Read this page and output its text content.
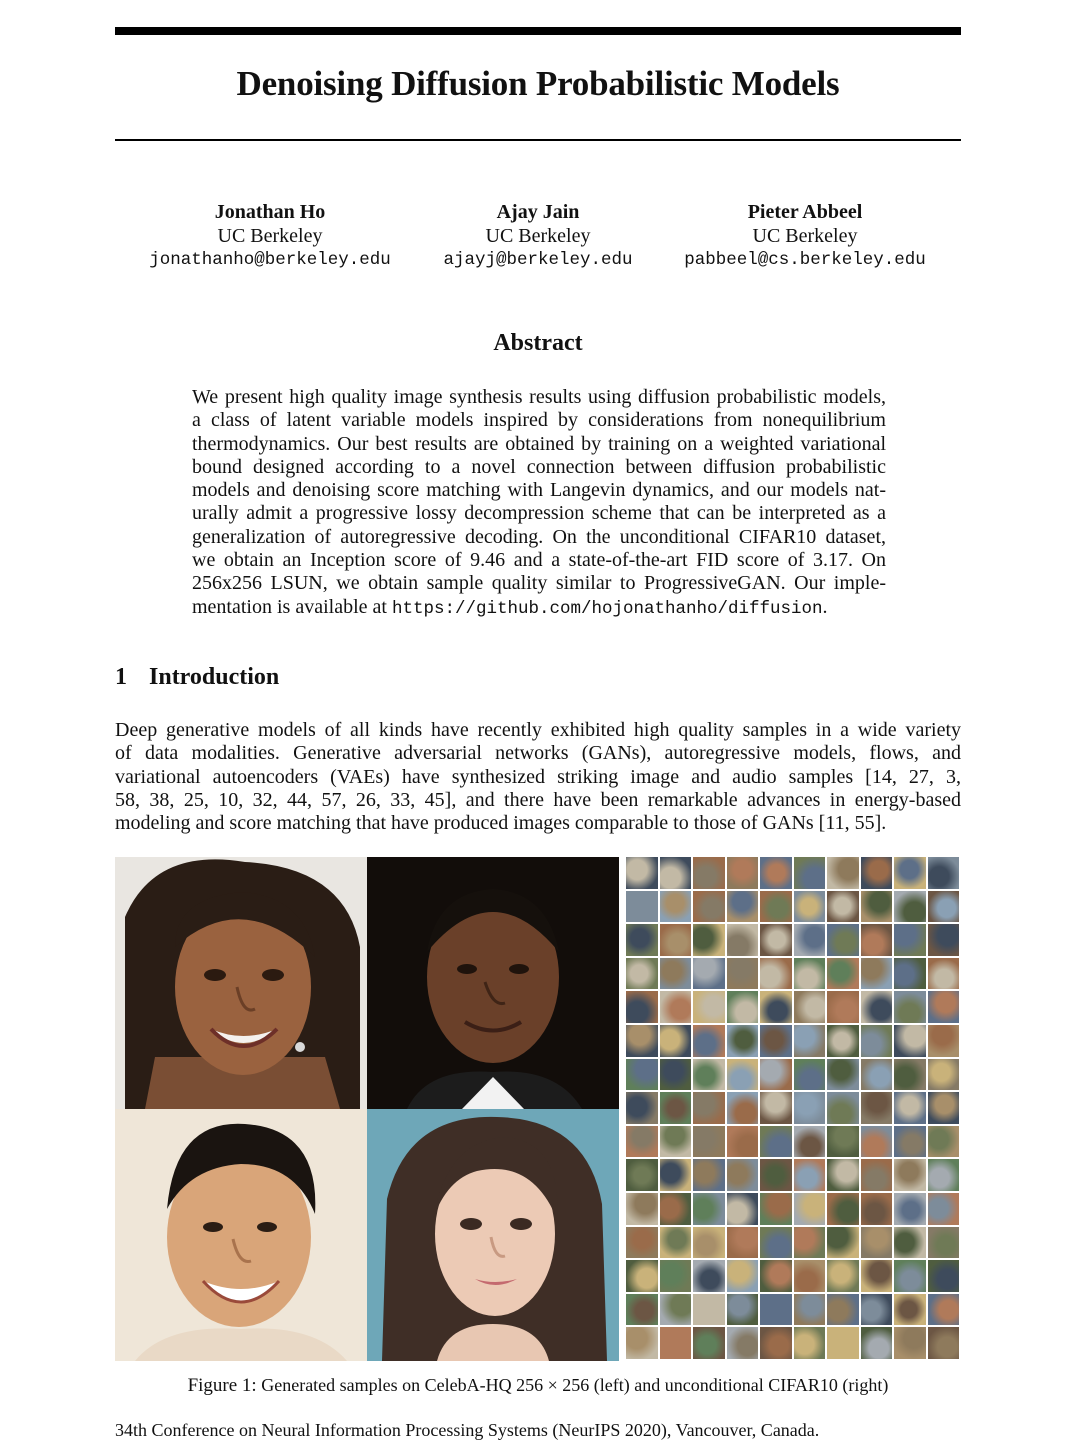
Denoising Diffusion Probabilistic Models
Jonathan Ho
UC Berkeley
jonathanho@berkeley.edu
Ajay Jain
UC Berkeley
ajayj@berkeley.edu
Pieter Abbeel
UC Berkeley
pabbeel@cs.berkeley.edu
Abstract
We present high quality image synthesis results using diffusion probabilistic models,
a class of latent variable models inspired by considerations from nonequilibrium
thermodynamics. Our best results are obtained by training on a weighted variational
bound designed according to a novel connection between diffusion probabilistic
models and denoising score matching with Langevin dynamics, and our models nat-
urally admit a progressive lossy decompression scheme that can be interpreted as a
generalization of autoregressive decoding. On the unconditional CIFAR10 dataset,
we obtain an Inception score of 9.46 and a state-of-the-art FID score of 3.17. On
256x256 LSUN, we obtain sample quality similar to ProgressiveGAN. Our imple-
mentation is available at https://github.com/hojonathanho/diffusion.
1 Introduction
Deep generative models of all kinds have recently exhibited high quality samples in a wide variety
of data modalities. Generative adversarial networks (GANs), autoregressive models, flows, and
variational autoencoders (VAEs) have synthesized striking image and audio samples [14, 27, 3,
58, 38, 25, 10, 32, 44, 57, 26, 33, 45], and there have been remarkable advances in energy-based
modeling and score matching that have produced images comparable to those of GANs [11, 55].
Figure 1: Generated samples on CelebA-HQ 256 × 256 (left) and unconditional CIFAR10 (right)
34th Conference on Neural Information Processing Systems (NeurIPS 2020), Vancouver, Canada.
